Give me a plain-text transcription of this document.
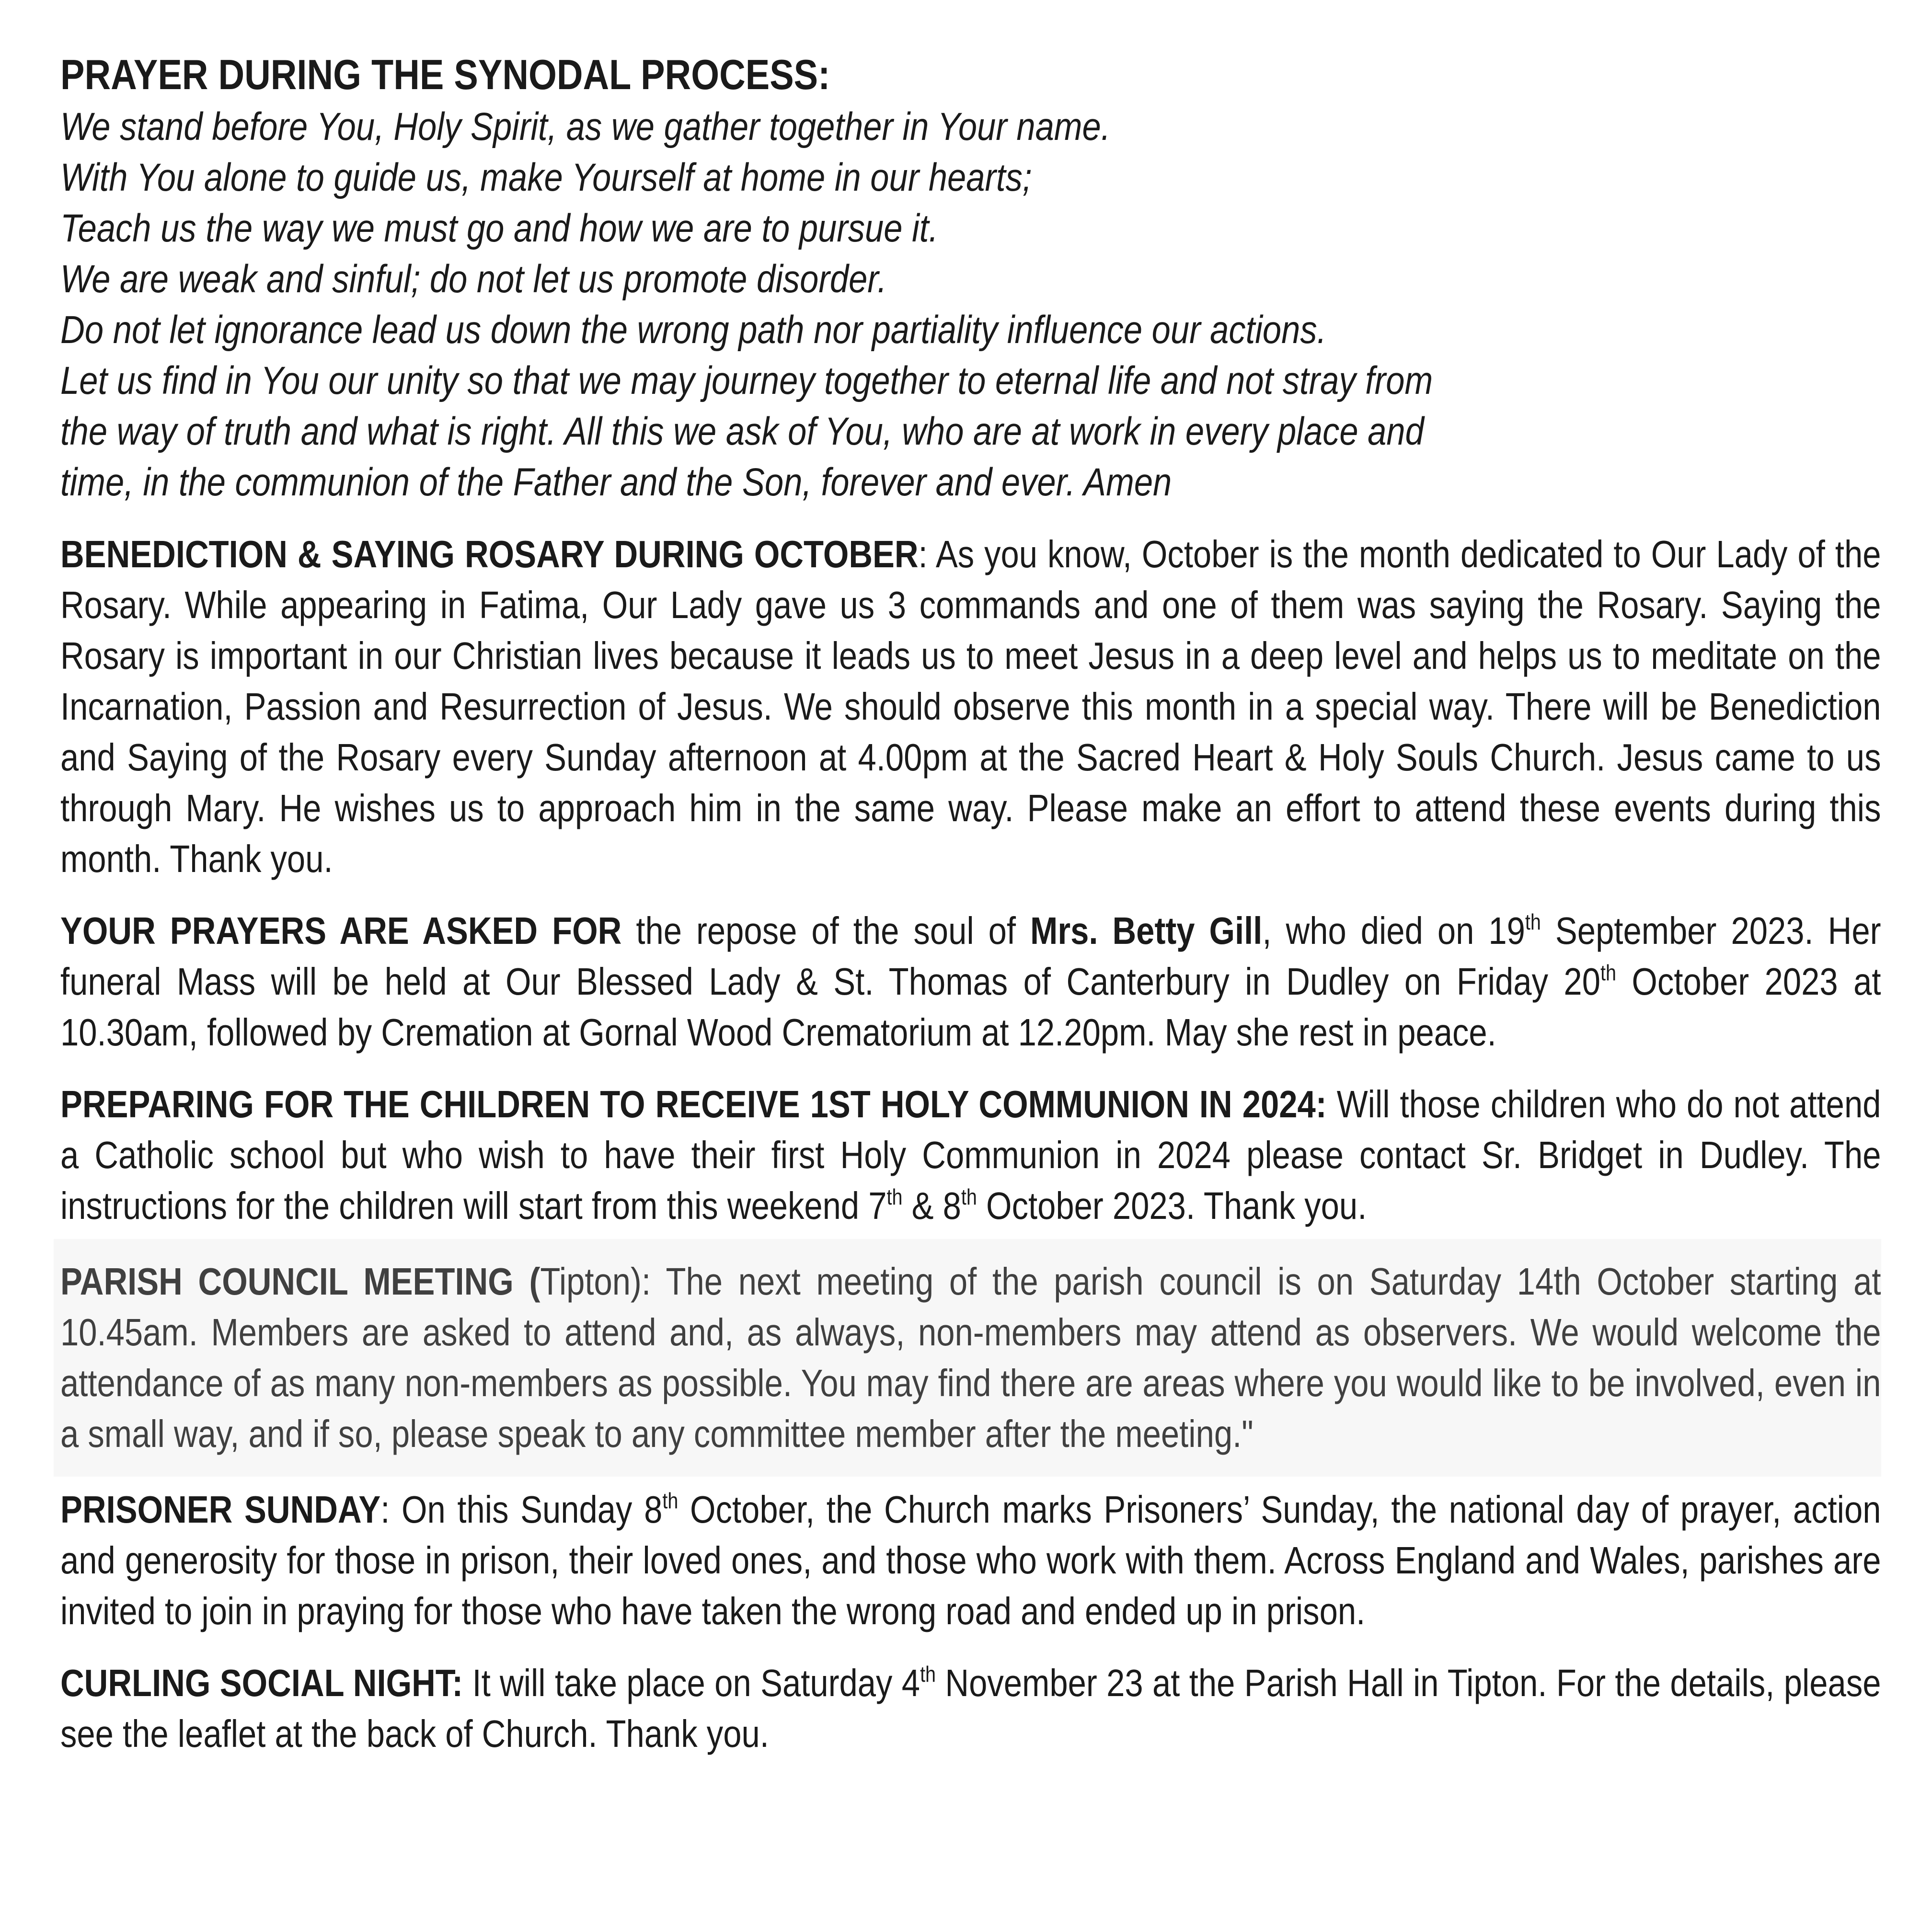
PRAYER DURING THE SYNODAL PROCESS:
We stand before You, Holy Spirit, as we gather together in Your name.
With You alone to guide us, make Yourself at home in our hearts;
Teach us the way we must go and how we are to pursue it.
We are weak and sinful; do not let us promote disorder.
Do not let ignorance lead us down the wrong path nor partiality influence our actions.
Let us find in You our unity so that we may journey together to eternal life and not stray from
the way of truth and what is right. All this we ask of You, who are at work in every place and
time, in the communion of the Father and the Son, forever and ever. Amen

BENEDICTION & SAYING ROSARY DURING OCTOBER: As you know, October is the month dedicated to Our Lady of the Rosary. While appearing in Fatima, Our Lady gave us 3 commands and one of them was saying the Rosary. Saying the Rosary is important in our Christian lives because it leads us to meet Jesus in a deep level and helps us to meditate on the Incarnation, Passion and Resurrection of Jesus. We should observe this month in a special way. There will be Benediction and Saying of the Rosary every Sunday afternoon at 4.00pm at the Sacred Heart & Holy Souls Church. Jesus came to us through Mary. He wishes us to approach him in the same way. Please make an effort to attend these events during this month. Thank you.

YOUR PRAYERS ARE ASKED FOR the repose of the soul of Mrs. Betty Gill, who died on 19th September 2023. Her funeral Mass will be held at Our Blessed Lady & St. Thomas of Canterbury in Dudley on Friday 20th October 2023 at 10.30am, followed by Cremation at Gornal Wood Crematorium at 12.20pm. May she rest in peace.

PREPARING FOR THE CHILDREN TO RECEIVE 1ST HOLY COMMUNION IN 2024: Will those children who do not attend a Catholic school but who wish to have their first Holy Communion in 2024 please contact Sr. Bridget in Dudley. The instructions for the children will start from this weekend 7th & 8th October 2023. Thank you.

PARISH COUNCIL MEETING (Tipton): The next meeting of the parish council is on Saturday 14th October starting at 10.45am. Members are asked to attend and, as always, non-members may attend as observers. We would welcome the attendance of as many non-members as possible. You may find there are areas where you would like to be involved, even in a small way, and if so, please speak to any committee member after the meeting."

PRISONER SUNDAY: On this Sunday 8th October, the Church marks Prisoners’ Sunday, the national day of prayer, action and generosity for those in prison, their loved ones, and those who work with them. Across England and Wales, parishes are invited to join in praying for those who have taken the wrong road and ended up in prison.

CURLING SOCIAL NIGHT: It will take place on Saturday 4th November 23 at the Parish Hall in Tipton. For the details, please see the leaflet at the back of Church. Thank you.
